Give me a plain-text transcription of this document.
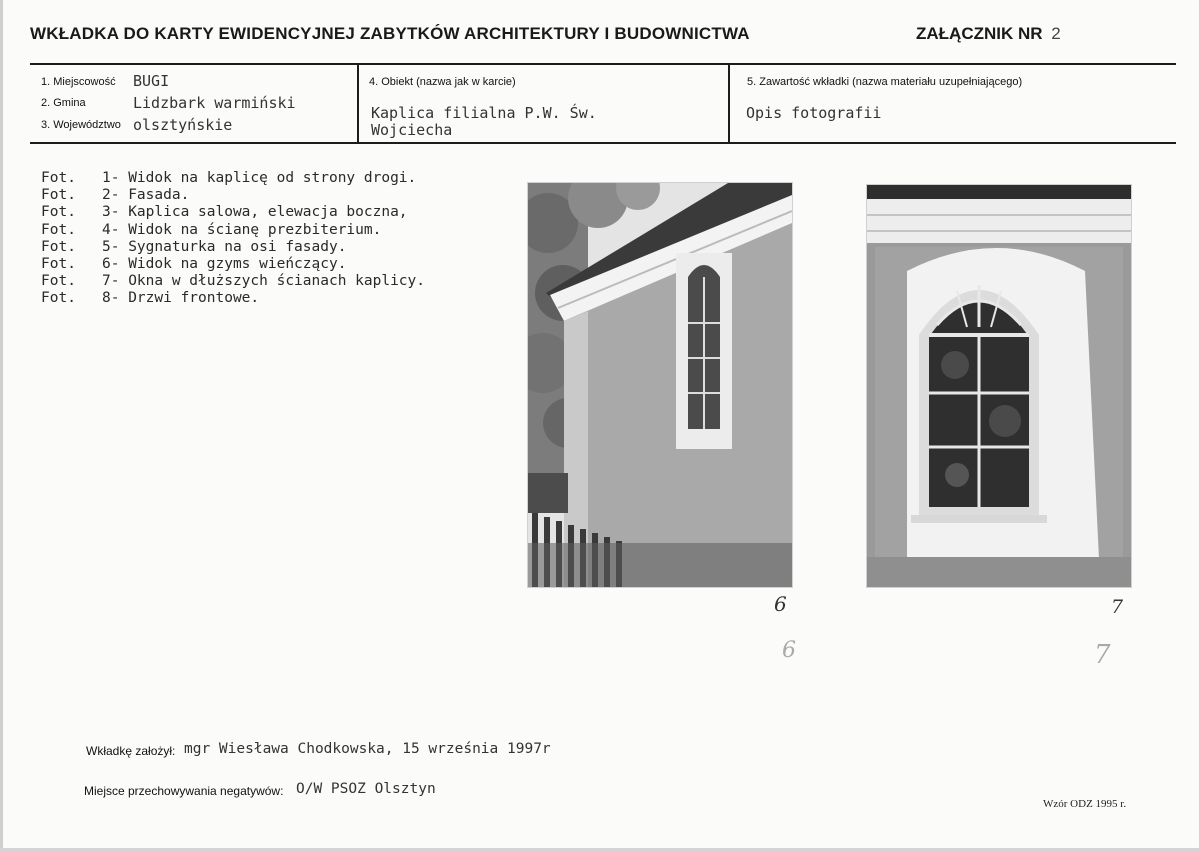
WKŁADKA DO KARTY EWIDENCYJNEJ ZABYTKÓW ARCHITEKTURY I BUDOWNICTWA	ZAŁĄCZNIK NR 2
1. Miejscowość BUGI
2. Gmina	Lidzbark warmiński
3. Województwo olsztyńskie
4. Obiekt (nazwa jak w karcie)
Kaplica filialna P.W. Św.
Wojciecha
5. Zawartość wkładki (nazwa materiału uzupełniającego)
Opis fotografii
Fot. 1- Widok na kaplicę od strony drogi.
Fot. 2- Fasada.
Fot. 3- Kaplica salowa, elewacja boczna,
Fot. 4- Widok na ścianę prezbiterium.
Fot. 5- Sygnaturka na osi fasady.
Fot. 6- Widok na gzyms wieńczący.
Fot. 7- Okna w dłuższych ścianach kaplicy.
Fot. 8- Drzwi frontowe.
6
6
7
7
Wkładkę założył: mgr Wiesława Chodkowska, 15 września 1997r
Miejsce przechowywania negatywów: O/W PSOZ Olsztyn
Wzór ODZ 1995 r.
